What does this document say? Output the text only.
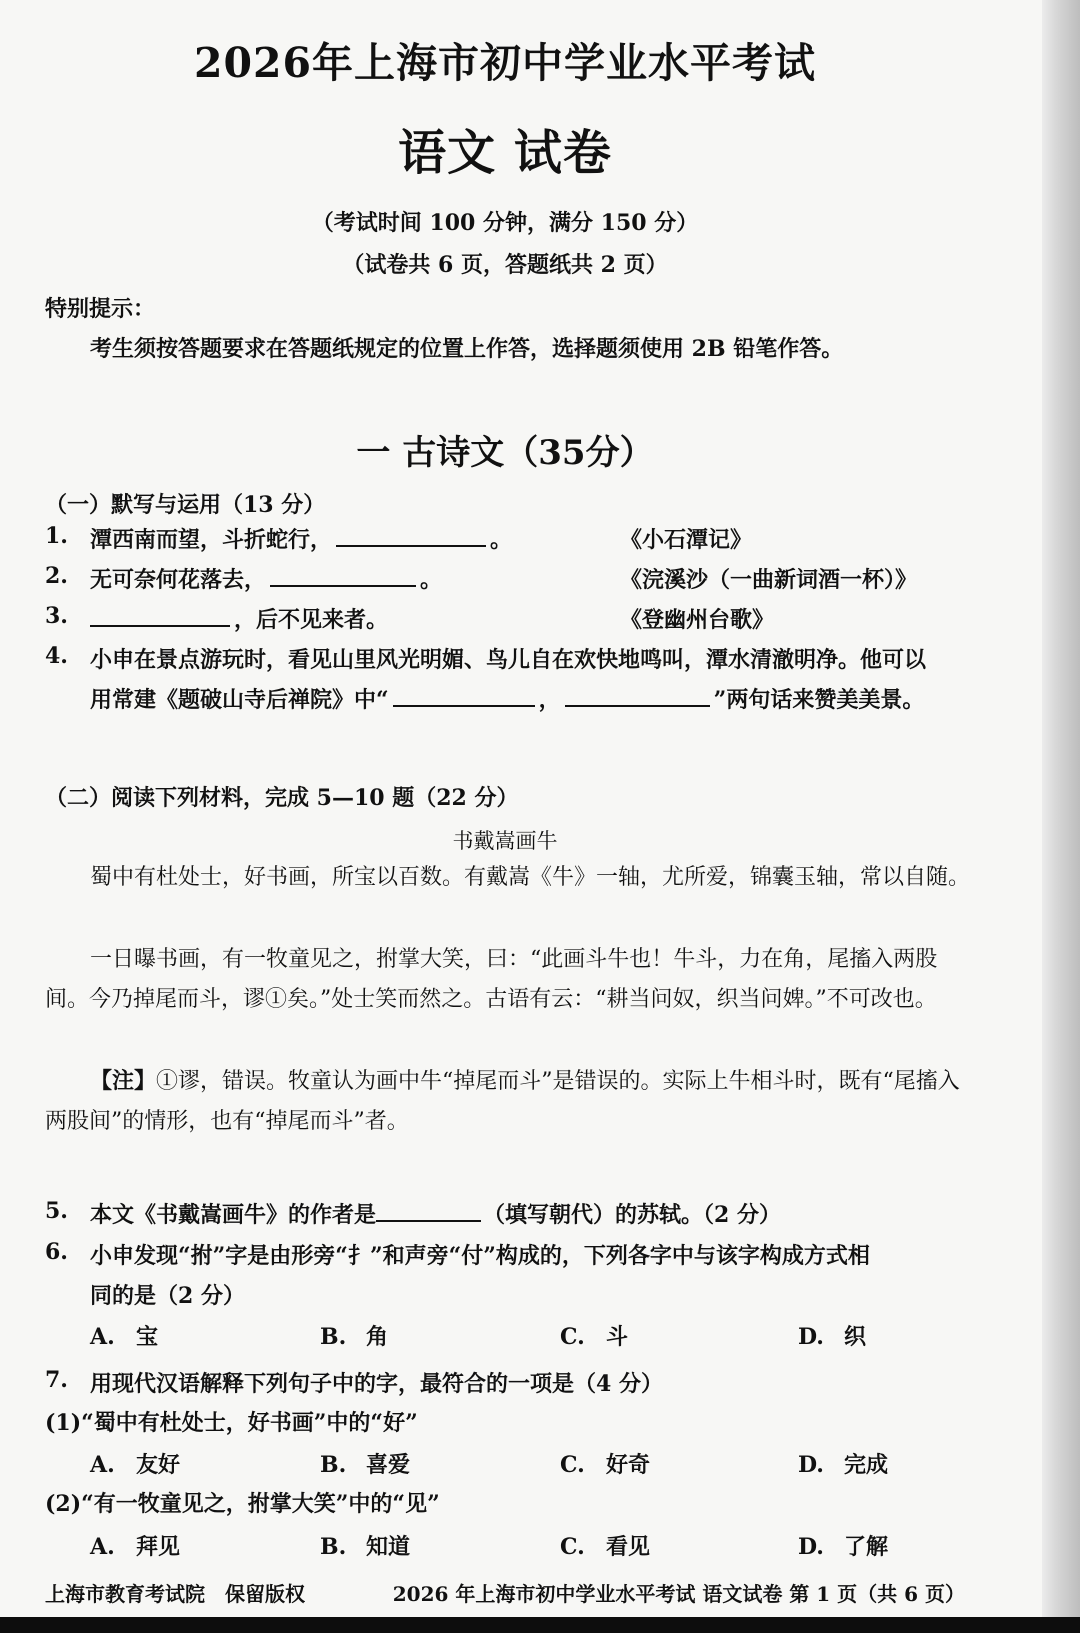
2026年上海市初中学业水平考试
语文 试卷
（考试时间 100 分钟，满分 150 分）
（试卷共 6 页，答题纸共 2 页）
特别提示：
考生须按答题要求在答题纸规定的位置上作答，选择题须使用 2B 铅笔作答。
一 古诗文（35分）
（一）默写与运用（13 分）
1.	潭西南而望，斗折蛇行，	。	《小石潭记》
2.	无可奈何花落去，	。	《浣溪沙（一曲新词酒一杯）》
3.	，后不见来者。	《登幽州台歌》
4.	小申在景点游玩时，看见山里风光明媚、鸟儿自在欢快地鸣叫，潭水清澈明净。他可以
用常建《题破山寺后禅院》中“	，	”两句话来赞美美景。
（二）阅读下列材料，完成 5—10 题（22 分）
书戴嵩画牛
蜀中有杜处士，好书画，所宝以百数。有戴嵩《牛》一轴，尤所爱，锦囊玉轴，常以自随。
一日曝书画，有一牧童见之，拊掌大笑，曰：“此画斗牛也！牛斗，力在角，尾搐入两股间。今乃掉尾而斗，谬①矣。”处士笑而然之。古语有云：“耕当问奴，织当问婢。”不可改也。
【注】①谬，错误。牧童认为画中牛“掉尾而斗”是错误的。实际上牛相斗时，既有“尾搐入两股间”的情形，也有“掉尾而斗”者。
5.	本文《书戴嵩画牛》的作者是	（填写朝代）的苏轼。（2 分）
6.	小申发现“拊”字是由形旁“扌”和声旁“付”构成的，下列各字中与该字构成方式相
同的是（2 分）
A. 宝	B. 角	C. 斗	D. 织
7.	用现代汉语解释下列句子中的字，最符合的一项是（4 分）
(1)“蜀中有杜处士，好书画”中的“好”
A. 友好	B. 喜爱	C. 好奇	D. 完成
(2)“有一牧童见之，拊掌大笑”中的“见”
A. 拜见	B. 知道	C. 看见	D. 了解
上海市教育考试院　保留版权	2026 年上海市初中学业水平考试 语文试卷 第 1 页（共 6 页）
